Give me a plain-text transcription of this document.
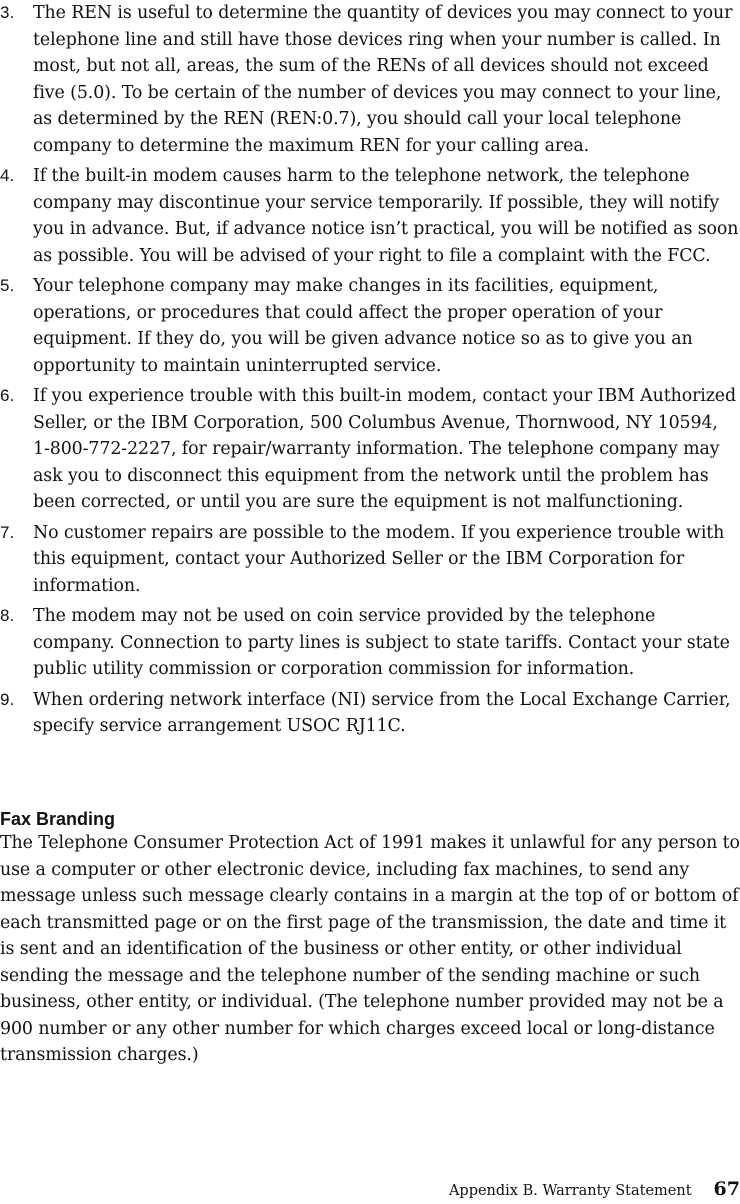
3. The REN is useful to determine the quantity of devices you may connect to your telephone line and still have those devices ring when your number is called. In most, but not all, areas, the sum of the RENs of all devices should not exceed five (5.0). To be certain of the number of devices you may connect to your line, as determined by the REN (REN:0.7), you should call your local telephone company to determine the maximum REN for your calling area.
4. If the built-in modem causes harm to the telephone network, the telephone company may discontinue your service temporarily. If possible, they will notify you in advance. But, if advance notice isn’t practical, you will be notified as soon as possible. You will be advised of your right to file a complaint with the FCC.
5. Your telephone company may make changes in its facilities, equipment, operations, or procedures that could affect the proper operation of your equipment. If they do, you will be given advance notice so as to give you an opportunity to maintain uninterrupted service.
6. If you experience trouble with this built-in modem, contact your IBM Authorized Seller, or the IBM Corporation, 500 Columbus Avenue, Thornwood, NY 10594, 1-800-772-2227, for repair/warranty information. The telephone company may ask you to disconnect this equipment from the network until the problem has been corrected, or until you are sure the equipment is not malfunctioning.
7. No customer repairs are possible to the modem. If you experience trouble with this equipment, contact your Authorized Seller or the IBM Corporation for information.
8. The modem may not be used on coin service provided by the telephone company. Connection to party lines is subject to state tariffs. Contact your state public utility commission or corporation commission for information.
9. When ordering network interface (NI) service from the Local Exchange Carrier, specify service arrangement USOC RJ11C.
Fax Branding

The Telephone Consumer Protection Act of 1991 makes it unlawful for any person to use a computer or other electronic device, including fax machines, to send any message unless such message clearly contains in a margin at the top of or bottom of each transmitted page or on the first page of the transmission, the date and time it is sent and an identification of the business or other entity, or other individual sending the message and the telephone number of the sending machine or such business, other entity, or individual. (The telephone number provided may not be a 900 number or any other number for which charges exceed local or long-distance transmission charges.)

Appendix B. Warranty Statement 67
